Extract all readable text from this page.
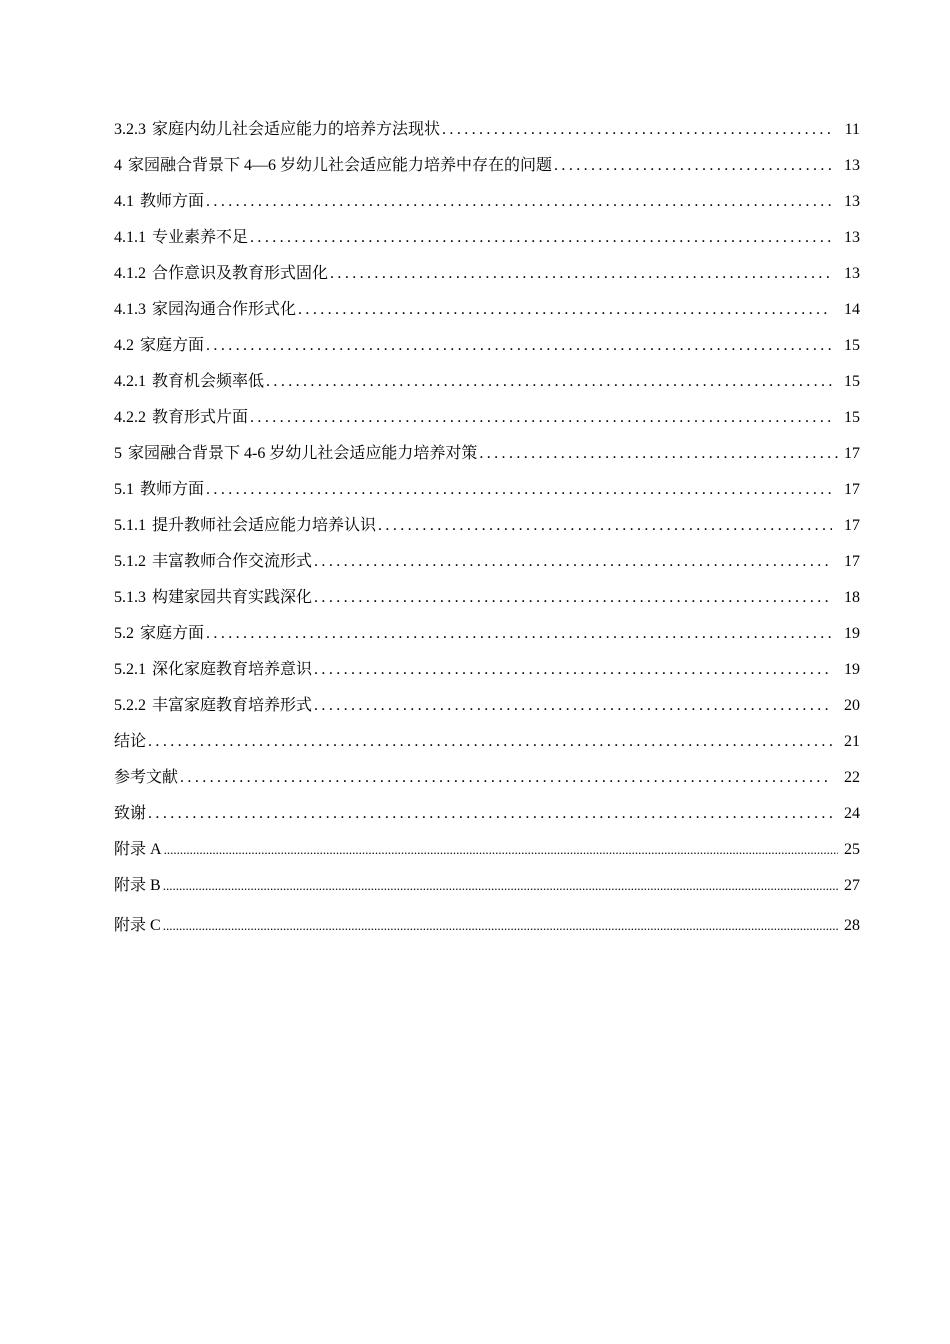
3.2.3 家庭内幼儿社会适应能力的培养方法现状 .....	11
4 家园融合背景下 4—6 岁幼儿社会适应能力培养中存在的问题 .....	13
4.1 教师方面 .....	13
4.1.1 专业素养不足 .....	13
4.1.2 合作意识及教育形式固化 .....	13
4.1.3 家园沟通合作形式化 .....	14
4.2 家庭方面 .....	15
4.2.1 教育机会频率低 .....	15
4.2.2 教育形式片面 .....	15
5 家园融合背景下 4-6 岁幼儿社会适应能力培养对策 .....	17
5.1 教师方面 .....	17
5.1.1 提升教师社会适应能力培养认识 .....	17
5.1.2 丰富教师合作交流形式 .....	17
5.1.3 构建家园共育实践深化 .....	18
5.2 家庭方面 .....	19
5.2.1 深化家庭教育培养意识 .....	19
5.2.2 丰富家庭教育培养形式 .....	20
结论 .....	21
参考文献 .....	22
致谢 .....	24
附录 A .....	25
附录 B .....	27
附录 C .....	28
